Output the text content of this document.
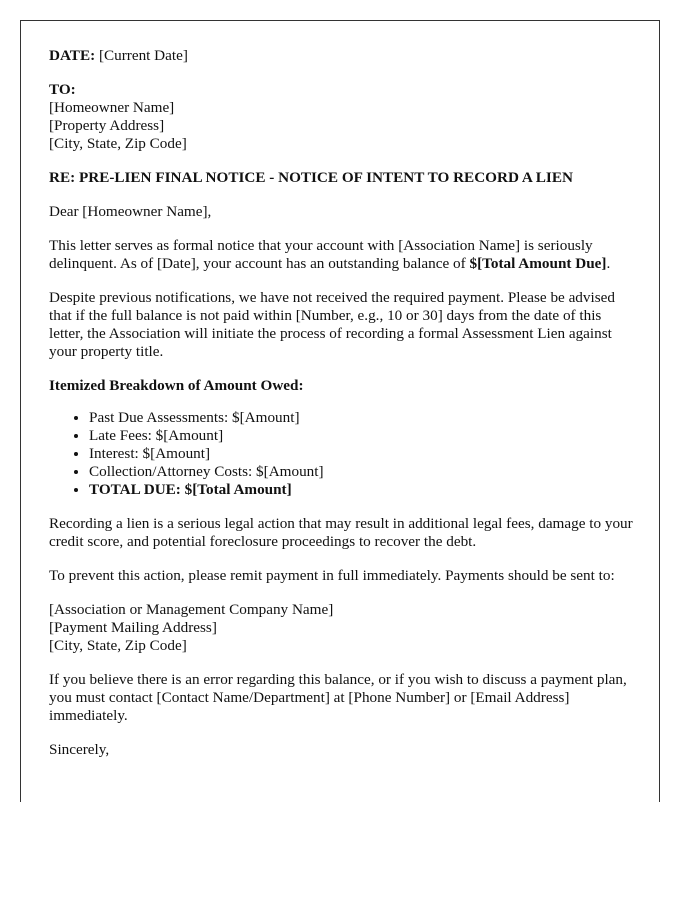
DATE: [Current Date]

TO:
[Homeowner Name]
[Property Address]
[City, State, Zip Code]

RE: PRE-LIEN FINAL NOTICE - NOTICE OF INTENT TO RECORD A LIEN

Dear [Homeowner Name],

This letter serves as formal notice that your account with [Association Name] is seriously delinquent. As of [Date], your account has an outstanding balance of $[Total Amount Due].

Despite previous notifications, we have not received the required payment. Please be advised that if the full balance is not paid within [Number, e.g., 10 or 30] days from the date of this letter, the Association will initiate the process of recording a formal Assessment Lien against your property title.

Itemized Breakdown of Amount Owed:

• Past Due Assessments: $[Amount]
• Late Fees: $[Amount]
• Interest: $[Amount]
• Collection/Attorney Costs: $[Amount]
• TOTAL DUE: $[Total Amount]

Recording a lien is a serious legal action that may result in additional legal fees, damage to your credit score, and potential foreclosure proceedings to recover the debt.

To prevent this action, please remit payment in full immediately. Payments should be sent to:

[Association or Management Company Name]
[Payment Mailing Address]
[City, State, Zip Code]

If you believe there is an error regarding this balance, or if you wish to discuss a payment plan, you must contact [Contact Name/Department] at [Phone Number] or [Email Address] immediately.

Sincerely,
